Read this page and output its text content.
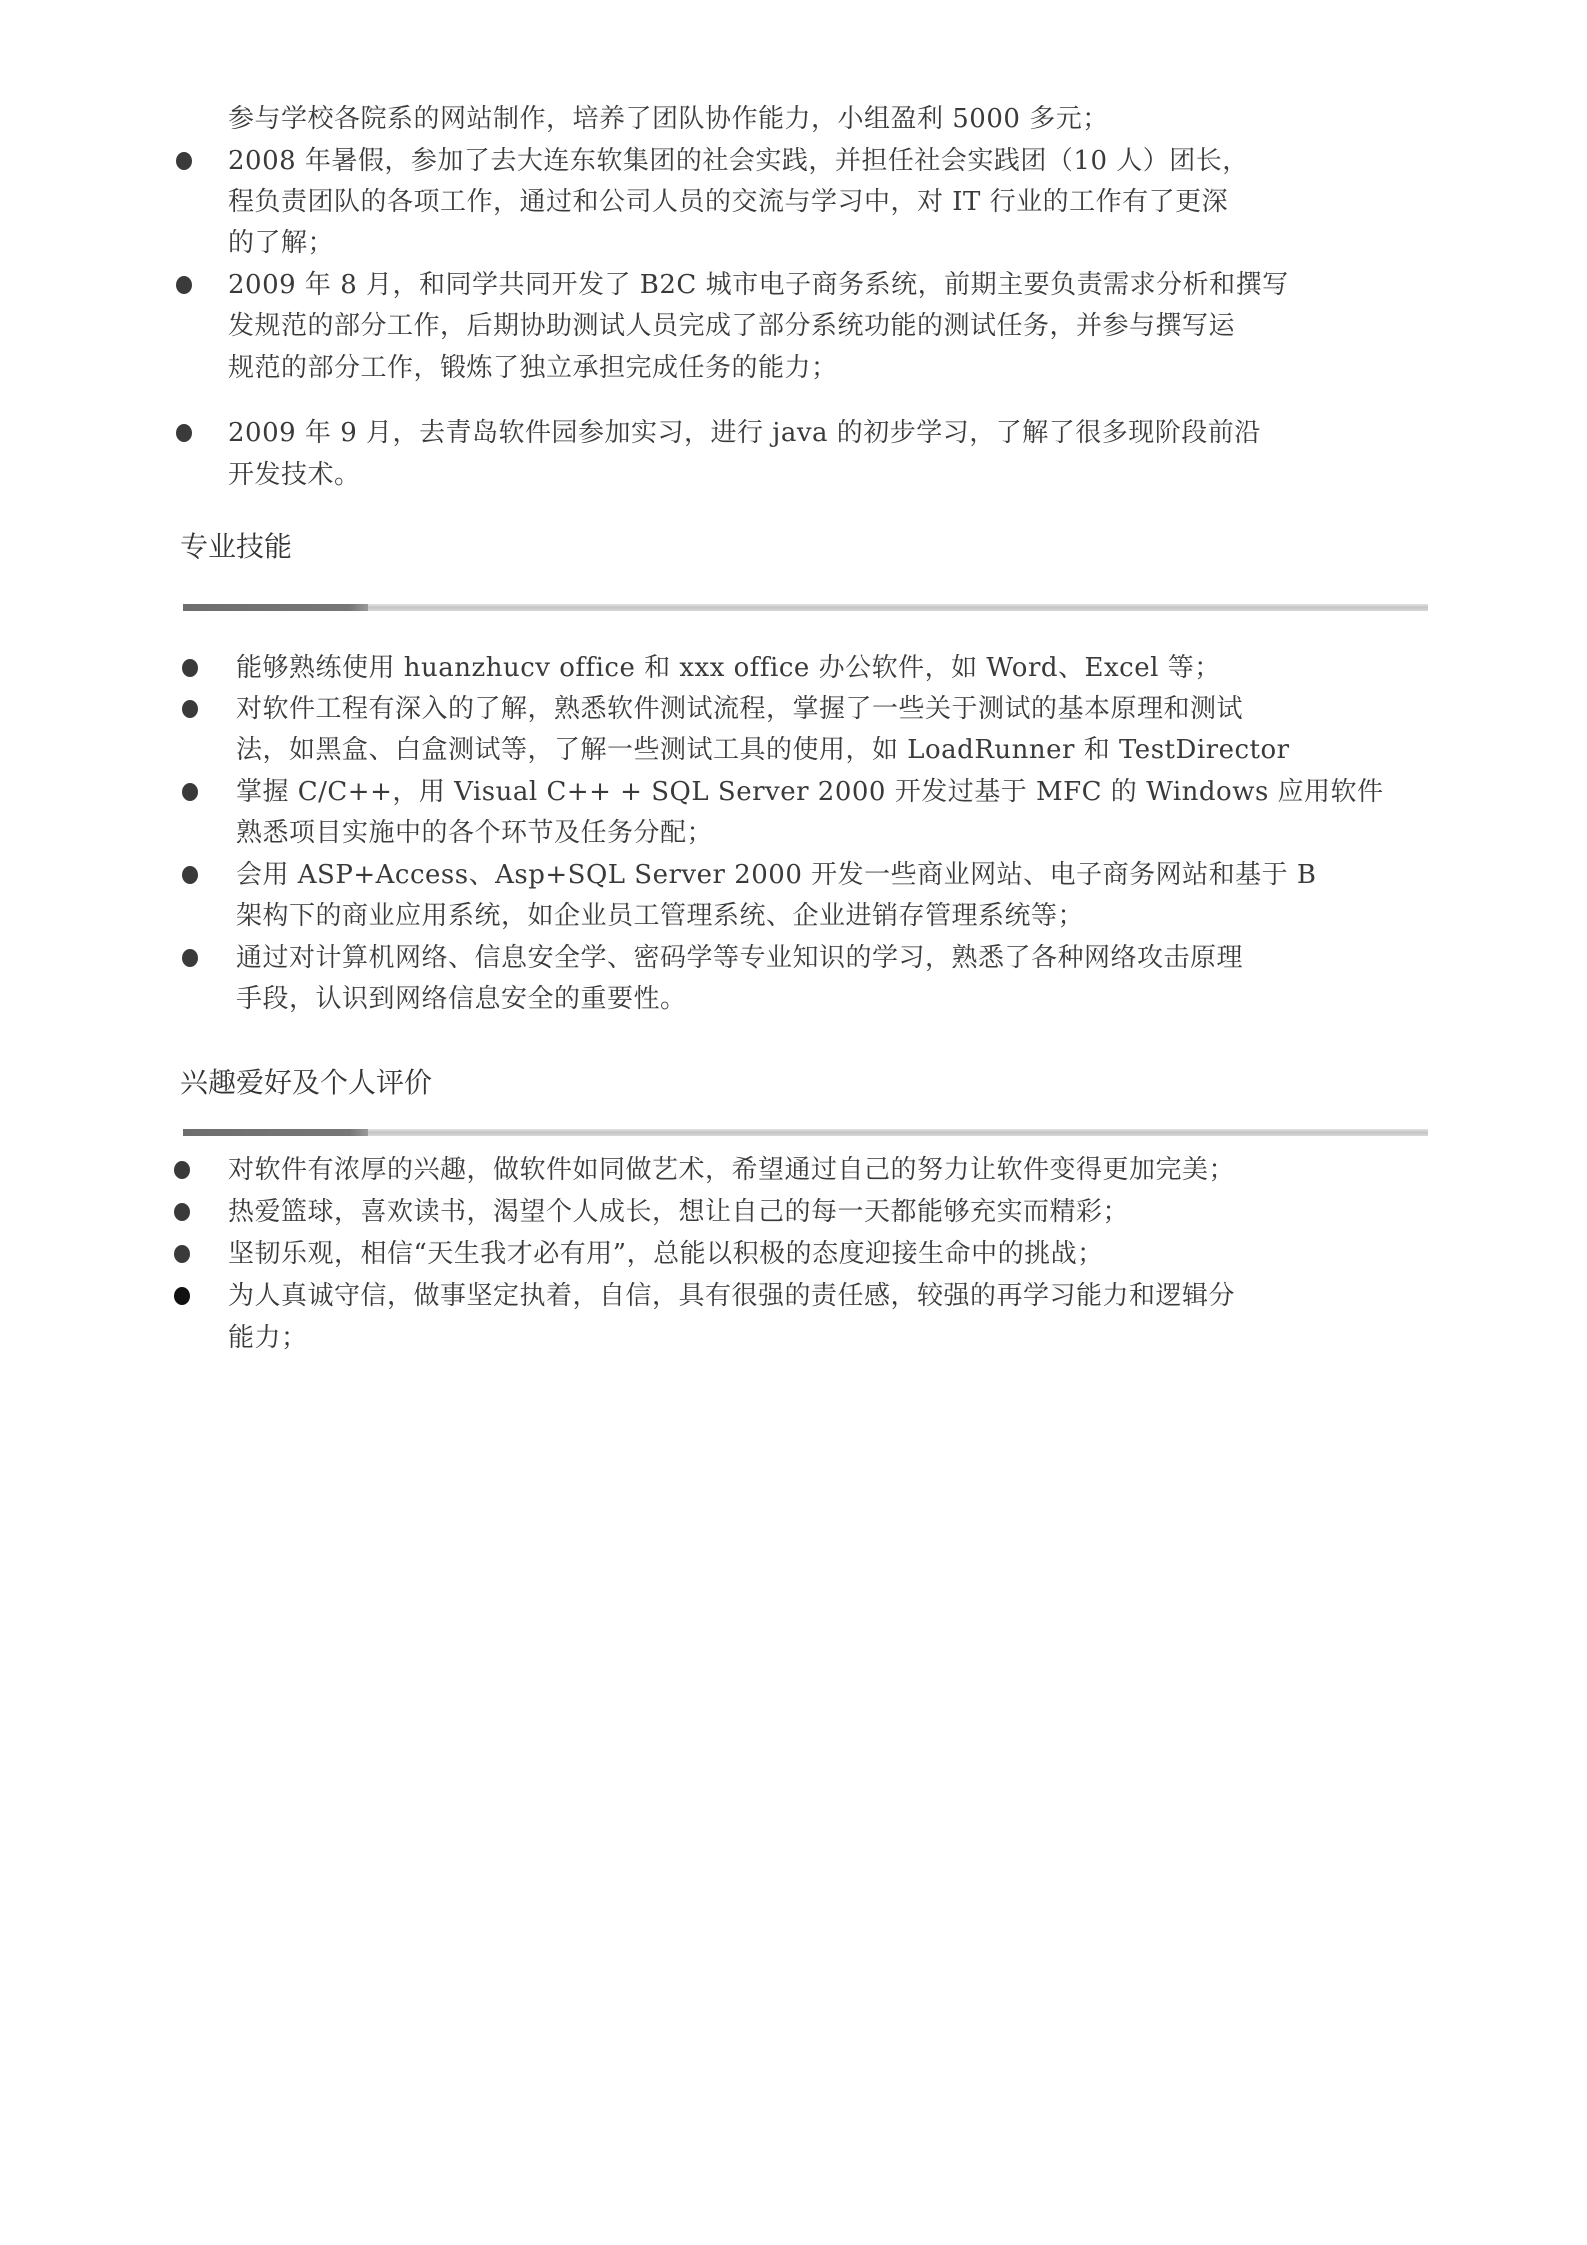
参与学校各院系的网站制作，培养了团队协作能力，小组盈利 5000 多元；
2008 年暑假，参加了去大连东软集团的社会实践，并担任社会实践团（10 人）团长，
程负责团队的各项工作，通过和公司人员的交流与学习中，对 IT 行业的工作有了更深
的了解；
2009 年 8 月，和同学共同开发了 B2C 城市电子商务系统，前期主要负责需求分析和撰写
发规范的部分工作，后期协助测试人员完成了部分系统功能的测试任务，并参与撰写运
规范的部分工作，锻炼了独立承担完成任务的能力；
2009 年 9 月，去青岛软件园参加实习，进行 java 的初步学习，了解了很多现阶段前沿
开发技术。
专业技能
能够熟练使用 huanzhucv office 和 xxx office 办公软件，如 Word、Excel 等；
对软件工程有深入的了解，熟悉软件测试流程，掌握了一些关于测试的基本原理和测试
法，如黑盒、白盒测试等，了解一些测试工具的使用，如 LoadRunner 和 TestDirector
掌握 C/C++，用 Visual C++ + SQL Server 2000 开发过基于 MFC 的 Windows 应用软件
熟悉项目实施中的各个环节及任务分配；
会用 ASP+Access、Asp+SQL Server 2000 开发一些商业网站、电子商务网站和基于 B
架构下的商业应用系统，如企业员工管理系统、企业进销存管理系统等；
通过对计算机网络、信息安全学、密码学等专业知识的学习，熟悉了各种网络攻击原理
手段，认识到网络信息安全的重要性。
兴趣爱好及个人评价
对软件有浓厚的兴趣，做软件如同做艺术，希望通过自己的努力让软件变得更加完美；
热爱篮球，喜欢读书，渴望个人成长，想让自己的每一天都能够充实而精彩；
坚韧乐观，相信“天生我才必有用”，总能以积极的态度迎接生命中的挑战；
为人真诚守信，做事坚定执着，自信，具有很强的责任感，较强的再学习能力和逻辑分
能力；
